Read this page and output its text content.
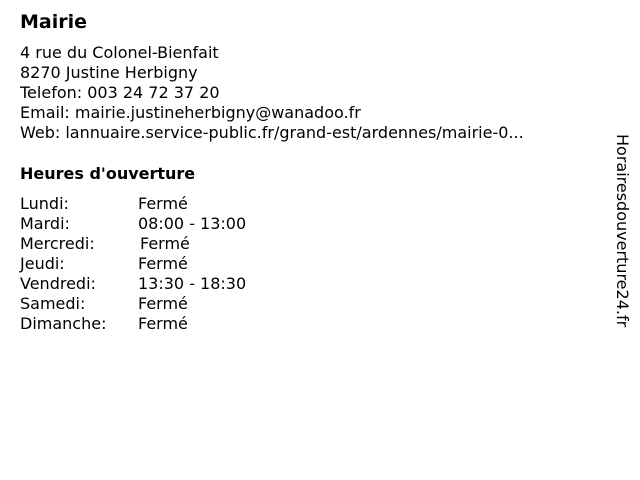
Mairie
4 rue du Colonel-Bienfait
8270 Justine Herbigny
Telefon: 003 24 72 37 20
Email: mairie.justineherbigny@wanadoo.fr
Web: lannuaire.service-public.fr/grand-est/ardennes/mairie-0...
Heures d'ouverture
Lundi:	Fermé
Mardi:	08:00 - 13:00
Mercredi:	Fermé
Jeudi:	Fermé
Vendredi:	13:30 - 18:30
Samedi:	Fermé
Dimanche:	Fermé	Horairesdouverture24.fr
